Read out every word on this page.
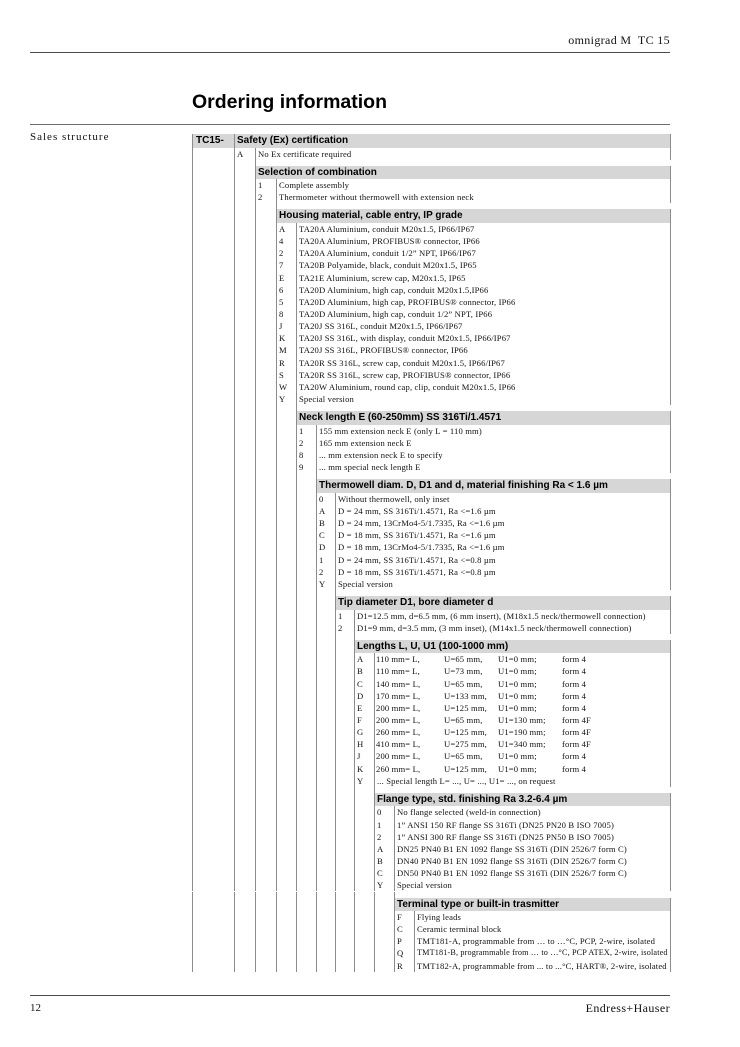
omnigrad M  TC 15
Ordering information
Sales structure	TC15-	Safety (Ex) certification
A	No Ex certificate required
Selection of combination
1	Complete assembly
2	Thermometer without thermowell with extension neck
Housing material, cable entry, IP grade
A	TA20A Aluminium, conduit M20x1.5, IP66/IP67
4	TA20A Aluminium, PROFIBUS® connector, IP66
2	TA20A Aluminium, conduit 1/2” NPT, IP66/IP67
7	TA20B Polyamide, black, conduit M20x1.5, IP65
E	TA21E Aluminium, screw cap, M20x1.5, IP65
6	TA20D Aluminium, high cap, conduit M20x1.5,IP66
5	TA20D Aluminium, high cap, PROFIBUS® connector, IP66
8	TA20D Aluminium, high cap, conduit 1/2” NPT, IP66
J	TA20J SS 316L, conduit M20x1.5, IP66/IP67
K	TA20J SS 316L, with display, conduit M20x1.5, IP66/IP67
M	TA20J SS 316L, PROFIBUS® connector, IP66
R	TA20R SS 316L, screw cap, conduit M20x1.5, IP66/IP67
S	TA20R SS 316L, screw cap, PROFIBUS® connector, IP66
W	TA20W Aluminium, round cap, clip, conduit M20x1.5, IP66
Y	Special version
Neck length E (60-250mm) SS 316Ti/1.4571
1	155 mm extension neck E (only L = 110 mm)
2	165 mm extension neck E
8	... mm extension neck E to specify
9	... mm special neck length E
Thermowell diam. D, D1 and d, material finishing Ra < 1.6 µm
0	Without thermowell, only inset
A	D = 24 mm, SS 316Ti/1.4571, Ra <=1.6 µm
B	D = 24 mm, 13CrMo4-5/1.7335, Ra <=1.6 µm
C	D = 18 mm, SS 316Ti/1.4571, Ra <=1.6 µm
D	D = 18 mm, 13CrMo4-5/1.7335, Ra <=1.6 µm
1	D = 24 mm, SS 316Ti/1.4571, Ra <=0.8 µm
2	D = 18 mm, SS 316Ti/1.4571, Ra <=0.8 µm
Y	Special version
Tip diameter D1, bore diameter d
1	D1=12.5 mm, d=6.5 mm, (6 mm insert), (M18x1.5 neck/thermowell connection)
2	D1=9 mm, d=3.5 mm, (3 mm inset), (M14x1.5 neck/thermowell connection)
Lengths L, U, U1 (100-1000 mm)
A	110 mm= L,	U=65 mm, U1=0 mm;	form 4
B	110 mm= L,	U=73 mm, U1=0 mm;	form 4
C	140 mm= L,	U=65 mm, U1=0 mm;	form 4
D	170 mm= L,	U=133 mm, U1=0 mm;	form 4
E	200 mm= L,	U=125 mm, U1=0 mm;	form 4
F	200 mm= L,	U=65 mm, U1=130 mm; form 4F
G	260 mm= L,	U=125 mm, U1=190 mm; form 4F
H	410 mm= L,	U=275 mm, U1=340 mm; form 4F
J	200 mm= L,	U=65 mm, U1=0 mm;	form 4
K	260 mm= L,	U=125 mm, U1=0 mm;	form 4
Y	... Special length L= ..., U= ..., U1= ..., on request
Flange type, std. finishing Ra 3.2-6.4 µm
0	No flange selected (weld-in connection)
1	1” ANSI 150 RF flange SS 316Ti (DN25 PN20 B ISO 7005)
2	1” ANSI 300 RF flange SS 316Ti (DN25 PN50 B ISO 7005)
A	DN25 PN40 B1 EN 1092 flange SS 316Ti (DIN 2526/7 form C)
B	DN40 PN40 B1 EN 1092 flange SS 316Ti (DIN 2526/7 form C)
C	DN50 PN40 B1 EN 1092 flange SS 316Ti (DIN 2526/7 form C)
Y	Special version
Terminal type or built-in trasmitter
F	Flying leads
C	Ceramic terminal block
P	TMT181-A, programmable from … to …°C, PCP, 2-wire, isolated
Q	TMT181-B, programmable from … to …°C, PCP ATEX, 2-wire, isolated
R	TMT182-A, programmable from ... to ...°C, HART®, 2-wire, isolated
12	Endress+Hauser
